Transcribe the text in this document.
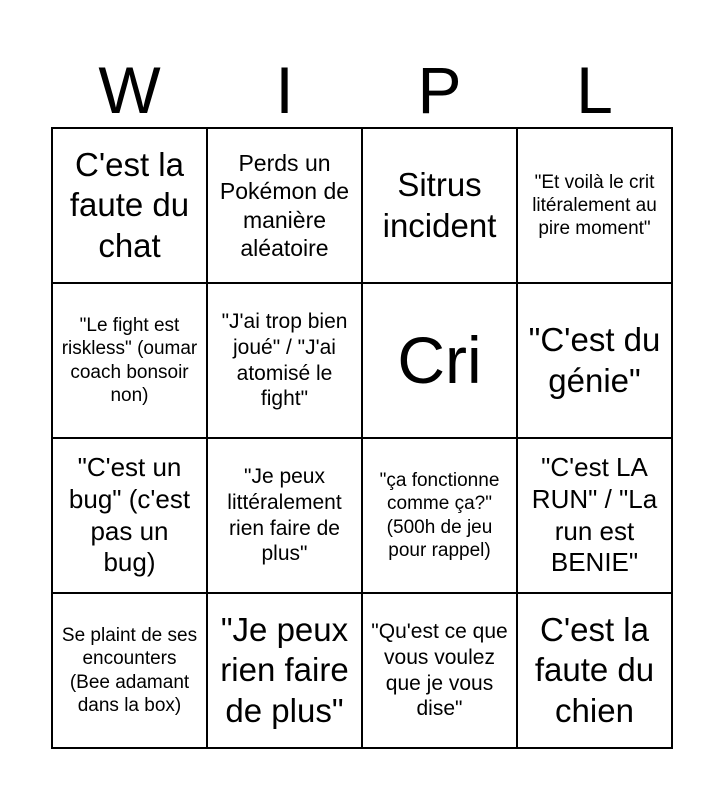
W	I	P	L
C'est la faute du chat
Perds un Pokémon de manière aléatoire
Sitrus incident
"Et voilà le crit litéralement au pire moment"
"Le fight est riskless" (oumar coach bonsoir non)
"J'ai trop bien joué" / "J'ai atomisé le fight"
Cri "C'est du génie"
"C'est un bug" (c'est pas un bug)
"Je peux littéralement rien faire de plus"
"ça fonctionne comme ça?" (500h de jeu pour rappel)
"C'est LA RUN" / "La run est BENIE"
Se plaint de ses encounters (Bee adamant dans la box)
"Je peux rien faire de plus"
"Qu'est ce que vous voulez que je vous dise"
C'est la faute du chien
